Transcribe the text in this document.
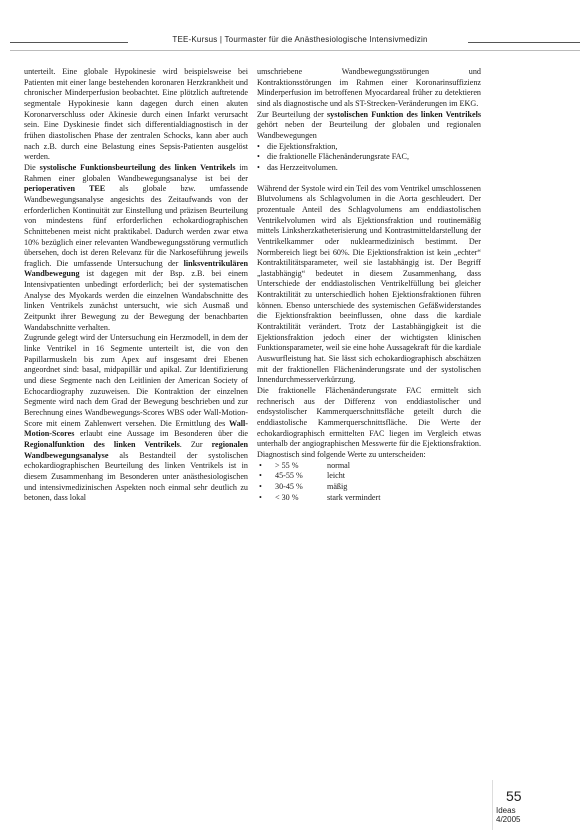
TEE-Kursus | Tourmaster für die Anästhesiologische Intensivmedizin

unterteilt. Eine globale Hypokinesie wird beispielsweise bei Patienten mit einer lange bestehenden koronaren Herzkrankheit und chronischer Minderperfusion beobachtet. Eine plötzlich auftretende segmentale Hypokinesie kann dagegen durch einen akuten Koronarverschluss oder Akinesie durch einen Infarkt verursacht sein. Eine Dyskinesie findet sich differentialdiagnostisch in der frühen diastolischen Phase der zentralen Schocks, kann aber auch nach z.B. durch eine Belastung eines Sepsis-Patienten ausgelöst werden.

Die systolische Funktionsbeurteilung des linken Ventrikels im Rahmen einer globalen Wandbewegungsanalyse ist bei der perioperativen TEE als globale bzw. umfassende Wandbewegungsanalyse angesichts des Zeitaufwands von der erforderlichen Kontinuität zur Einstellung und präzisen Beurteilung von mindestens fünf erforderlichen echokardiographischen Schnittebenen meist nicht praktikabel. Dadurch werden zwar etwa 10% bezüglich einer relevanten Wandbewegungsstörung vermutlich übersehen, doch ist deren Relevanz für die Narkoseführung jeweils fraglich. Die umfassende Untersuchung der linksventrikulären Wandbewegung ist dagegen mit der Bsp. z.B. bei einem Intensivpatienten unbedingt erforderlich; bei der systematischen Analyse des Myokards werden die einzelnen Wandabschnitte des linken Ventrikels zunächst untersucht, wie sich Ausmaß und Zeitpunkt ihrer Bewegung zu der Bewegung der benachbarten Wandabschnitte verhalten.

Zugrunde gelegt wird der Untersuchung ein Herzmodell, in dem der linke Ventrikel in 16 Segmente unterteilt ist, die von den Papillarmuskeln bis zum Apex auf insgesamt drei Ebenen angeordnet sind: basal, midpapillär und apikal. Zur Identifizierung und diese Segmente nach den Leitlinien der American Society of Echocardiography zuzuweisen. Die Kontraktion der einzelnen Segmente wird nach dem Grad der Bewegung beschrieben und zur Berechnung eines Wandbewegungs-Scores WBS oder Wall-Motion-Score mit einem Zahlenwert versehen. Die Ermittlung des Wall-Motion-Scores erlaubt eine Aussage im Besonderen über die Regionalfunktion des linken Ventrikels. Zur regionalen Wandbewegungsanalyse als Bestandteil der systolischen echokardiographischen Beurteilung des linken Ventrikels ist in diesem Zusammenhang im Besonderen unter anästhesiologischen und intensivmedizinischen Aspekten noch einmal sehr deutlich zu betonen, dass lokal

umschriebene Wandbewegungsstörungen und Kontraktionsstörungen im Rahmen einer Koronarinsuffizienz Minderperfusion im betroffenen Myocardareal früher zu detektieren sind als diagnostische und als ST-Strecken-Veränderungen im EKG.

Zur Beurteilung der systolischen Funktion des linken Ventrikels gehört neben der Beurteilung der globalen und regionalen Wandbewegungen

• die Ejektionsfraktion,
• die fraktionelle Flächenänderungsrate FAC,
• das Herzzeitvolumen.

Während der Systole wird ein Teil des vom Ventrikel umschlossenen Blutvolumens als Schlagvolumen in die Aorta geschleudert. Der prozentuale Anteil des Schlagvolumens am enddiastolischen Ventrikelvolumen wird als Ejektionsfraktion und routinemäßig mittels Linksherzkatheterisierung und Kontrastmitteldarstellung der Ventrikelkammer oder nuklearmedizinisch bestimmt. Der Normbereich liegt bei 60%. Die Ejektionsfraktion ist kein „echter“ Kontraktilitätsparameter, weil sie lastabhängig ist. Der Begriff „lastabhängig“ bedeutet in diesem Zusammenhang, dass Unterschiede der enddiastolischen Ventrikelfüllung bei gleicher Kontraktilität zu unterschiedlich hohen Ejektionsfraktionen führen können. Ebenso unterschiede des systemischen Gefäßwiderstandes die Ejektionsfraktion beeinflussen, ohne dass die kardiale Kontraktilität verändert. Trotz der Lastabhängigkeit ist die Ejektionsfraktion jedoch einer der wichtigsten klinischen Funktionsparameter, weil sie eine hohe Aussagekraft für die kardiale Auswurfleistung hat. Sie lässt sich echokardiographisch abschätzen mit der fraktionellen Flächenänderungsrate und der systolischen Innendurchmesserverkürzung.

Die fraktionelle Flächenänderungsrate FAC ermittelt sich rechnerisch aus der Differenz von enddiastolischer und endsystolischer Kammerquerschnittsfläche geteilt durch die enddiastolische Kammerquerschnittsfläche. Die Werte der echokardiographisch ermittelten FAC liegen im Vergleich etwas unterhalb der angiographischen Messwerte für die Ejektionsfraktion. Diagnostisch sind folgende Werte zu unterscheiden:

• > 55 %	normal
• 45-55 %	leicht
• 30-45 %	mäßig
• < 30 %	stark vermindert
55
Ideas
4/2005
